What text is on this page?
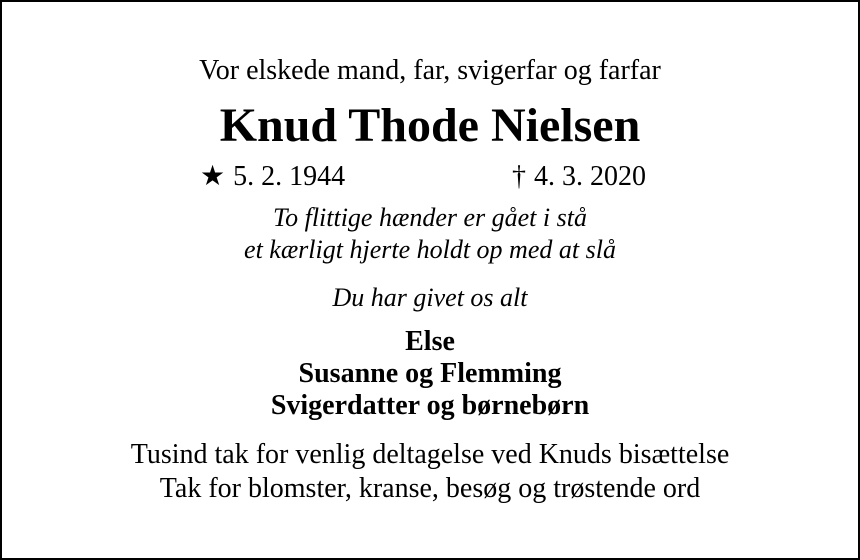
Vor elskede mand, far, svigerfar og farfar
Knud Thode Nielsen
★ 5. 2. 1944	† 4. 3. 2020
To flittige hænder er gået i stå
et kærligt hjerte holdt op med at slå
Du har givet os alt
Else
Susanne og Flemming
Svigerdatter og børnebørn
Tusind tak for venlig deltagelse ved Knuds bisættelse
Tak for blomster, kranse, besøg og trøstende ord
